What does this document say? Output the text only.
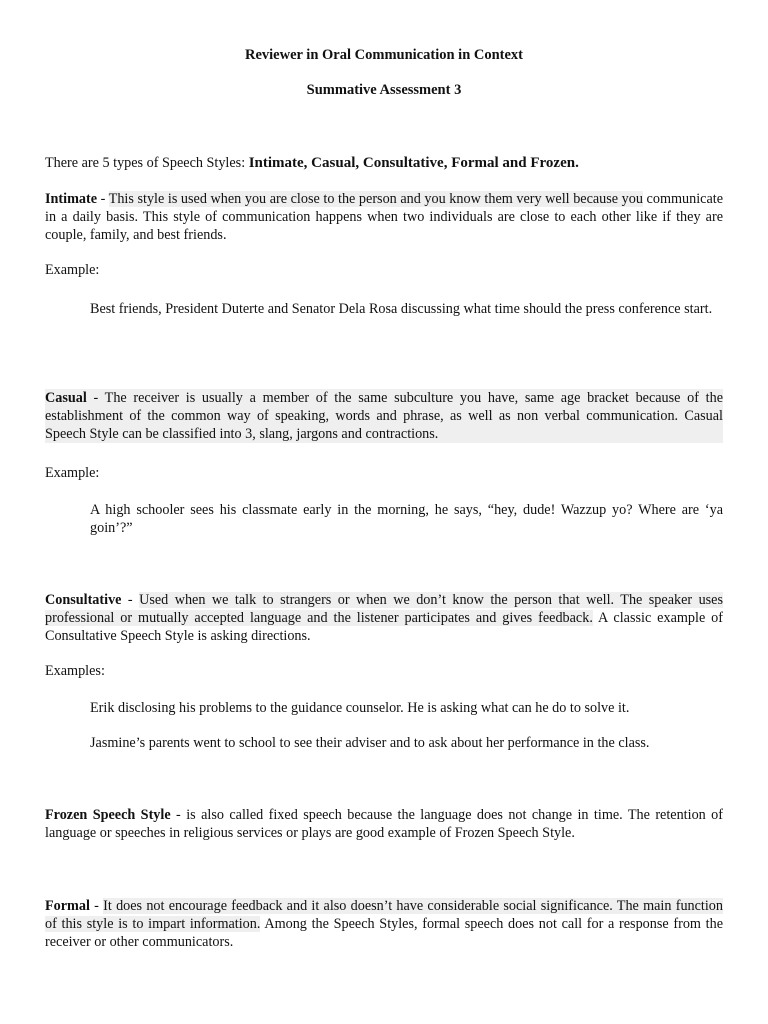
Reviewer in Oral Communication in Context
Summative Assessment 3
There are 5 types of Speech Styles: Intimate, Casual, Consultative, Formal and Frozen.
Intimate - This style is used when you are close to the person and you know them very well because you communicate in a daily basis. This style of communication happens when two individuals are close to each other like if they are couple, family, and best friends.
Example:
Best friends, President Duterte and Senator Dela Rosa discussing what time should the press conference start.
Casual - The receiver is usually a member of the same subculture you have, same age bracket because of the establishment of the common way of speaking, words and phrase, as well as non verbal communication. Casual Speech Style can be classified into 3, slang, jargons and contractions.
Example:
A high schooler sees his classmate early in the morning, he says, “hey, dude! Wazzup yo? Where are ‘ya goin’?”
Consultative - Used when we talk to strangers or when we don’t know the person that well. The speaker uses professional or mutually accepted language and the listener participates and gives feedback. A classic example of Consultative Speech Style is asking directions.
Examples:
Erik disclosing his problems to the guidance counselor. He is asking what can he do to solve it.
Jasmine’s parents went to school to see their adviser and to ask about her performance in the class.
Frozen Speech Style - is also called fixed speech because the language does not change in time. The retention of language or speeches in religious services or plays are good example of Frozen Speech Style.
Formal - It does not encourage feedback and it also doesn’t have considerable social significance. The main function of this style is to impart information. Among the Speech Styles, formal speech does not call for a response from the receiver or other communicators.
